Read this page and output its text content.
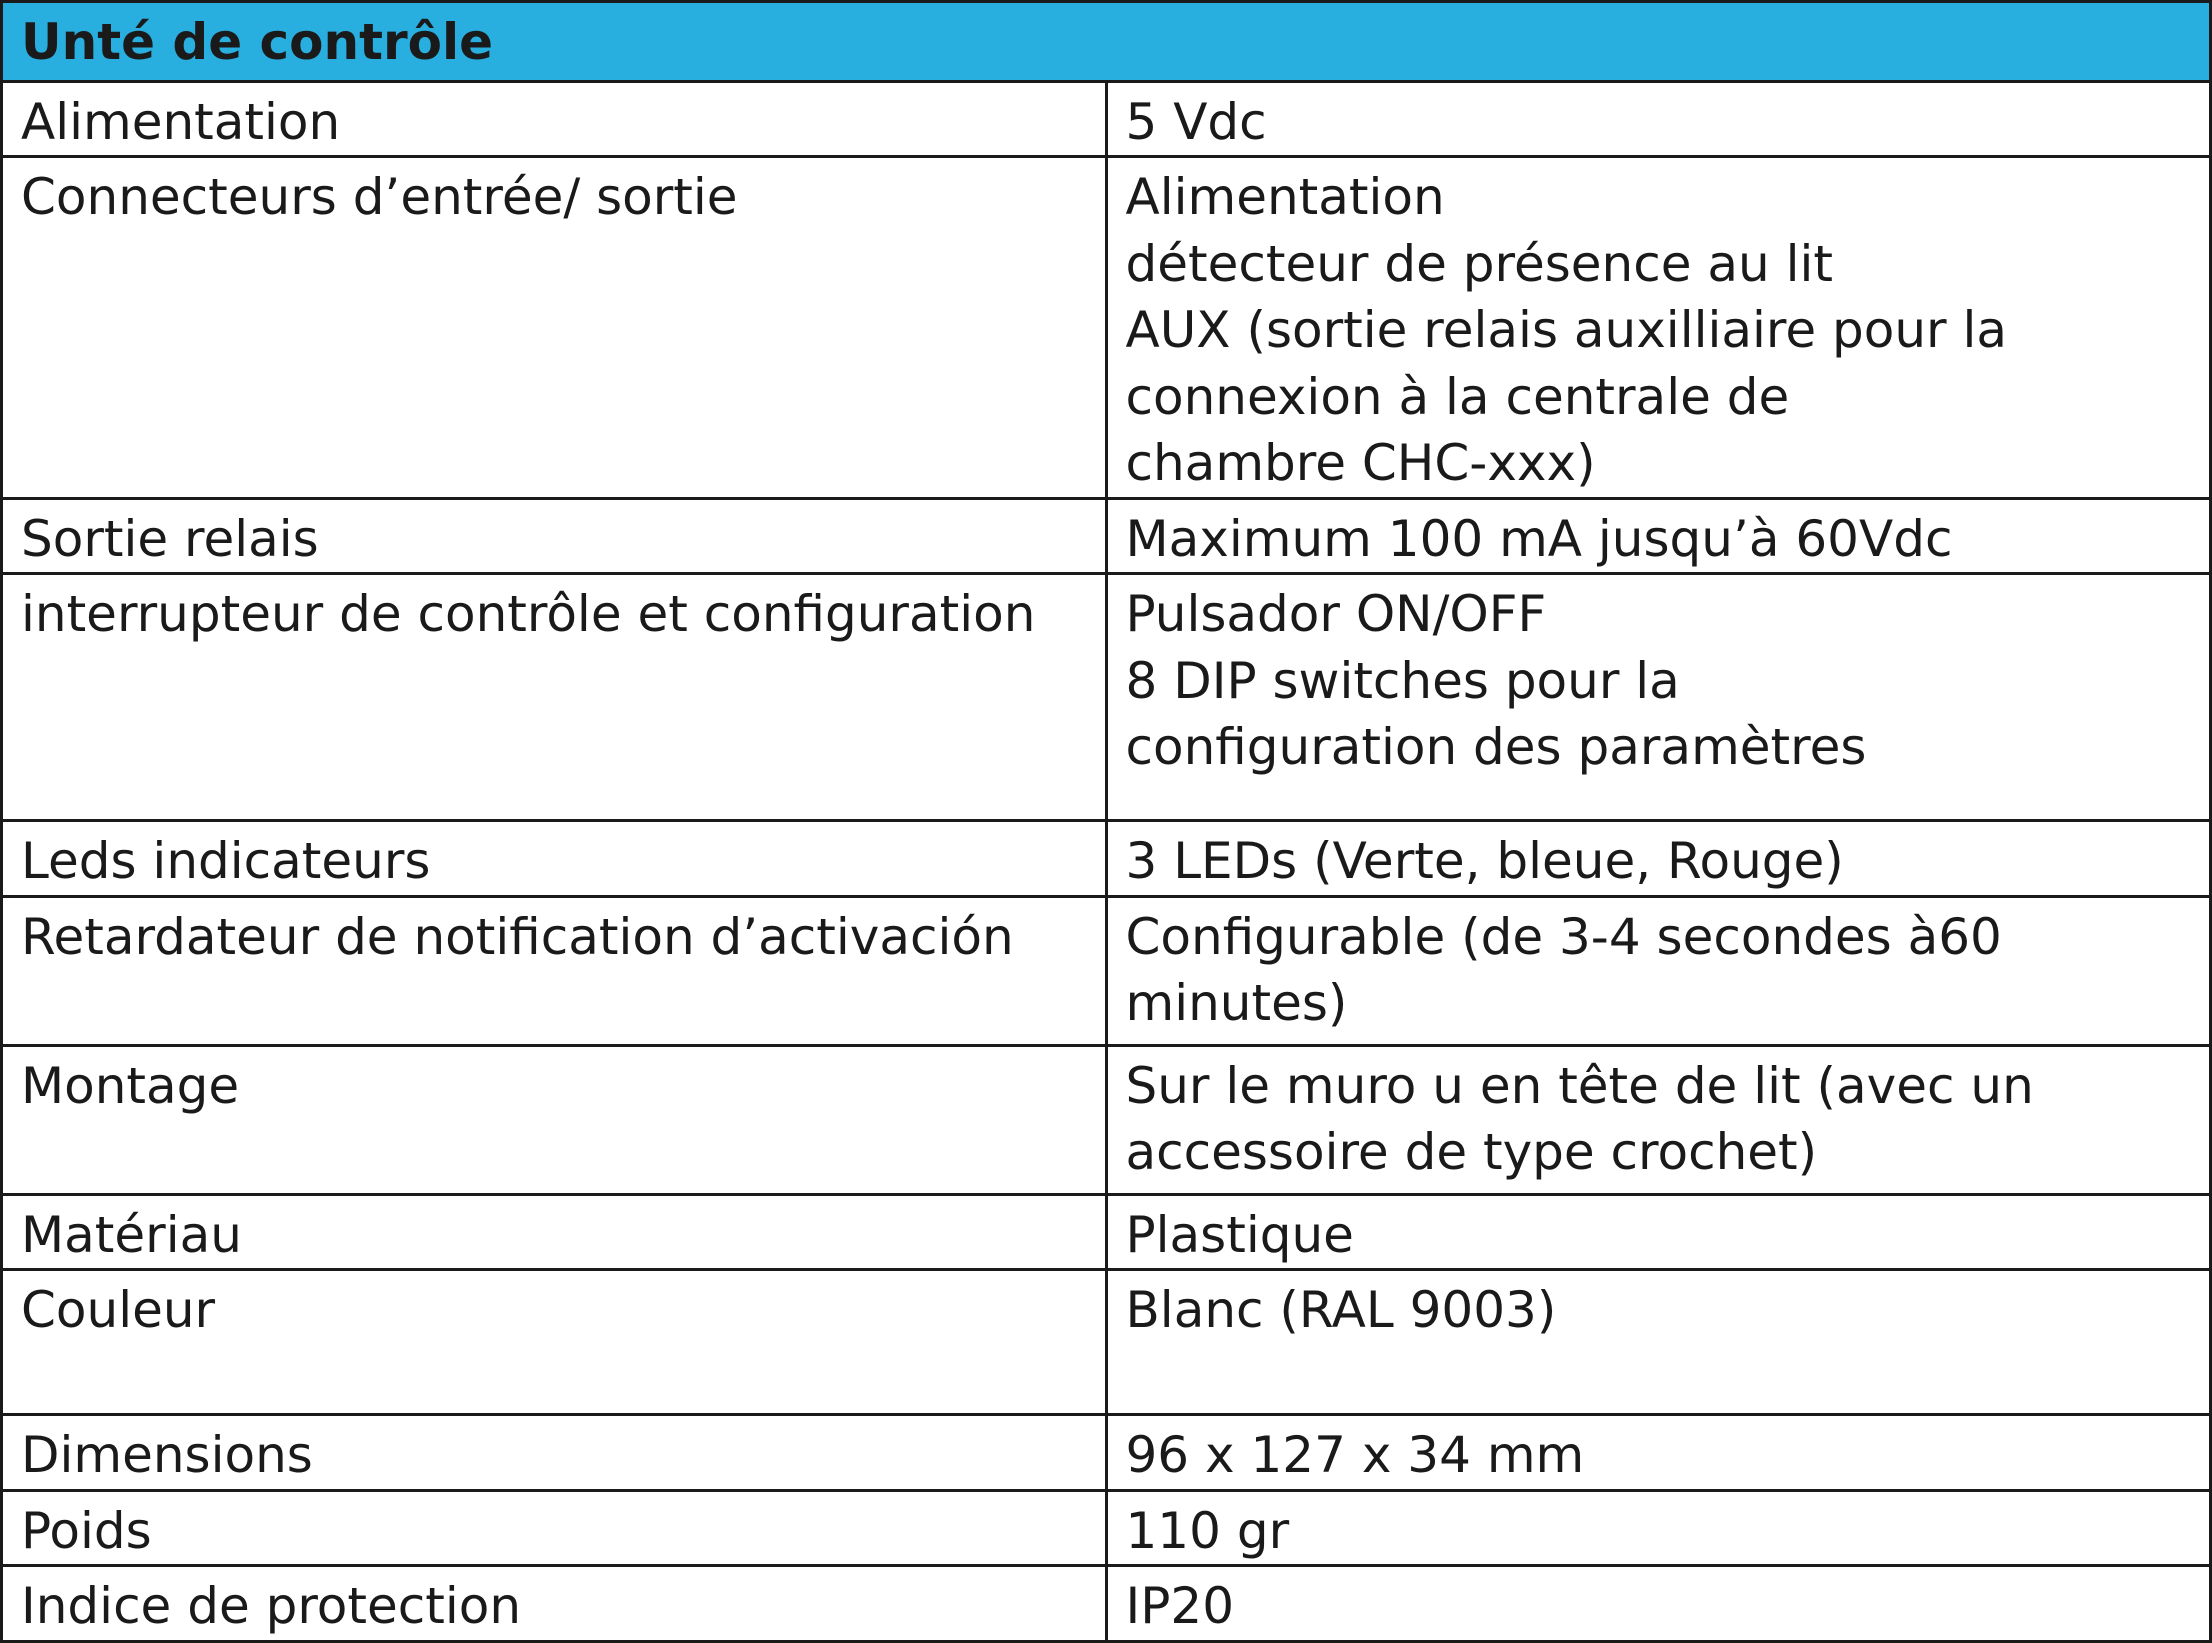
Unté de contrôle	
Alimentation	5 Vdc
Connecteurs d’entrée/ sortie	Alimentation
détecteur de présence au lit
AUX (sortie relais auxilliaire pour la
connexion à la centrale de
chambre CHC-xxx)
Sortie relais	Maximum 100 mA jusqu’à 60Vdc
interrupteur de contrôle et configuration	Pulsador ON/OFF
8 DIP switches pour la
configuration des paramètres
Leds indicateurs	3 LEDs (Verte, bleue, Rouge)
Retardateur de notification d’activación	Configurable (de 3-4 secondes à60
minutes)
Montage	Sur le muro u en tête de lit (avec un
accessoire de type crochet)
Matériau	Plastique
Couleur	Blanc (RAL 9003)
Dimensions	96 x 127 x 34 mm
Poids	110 gr
Indice de protection	IP20
